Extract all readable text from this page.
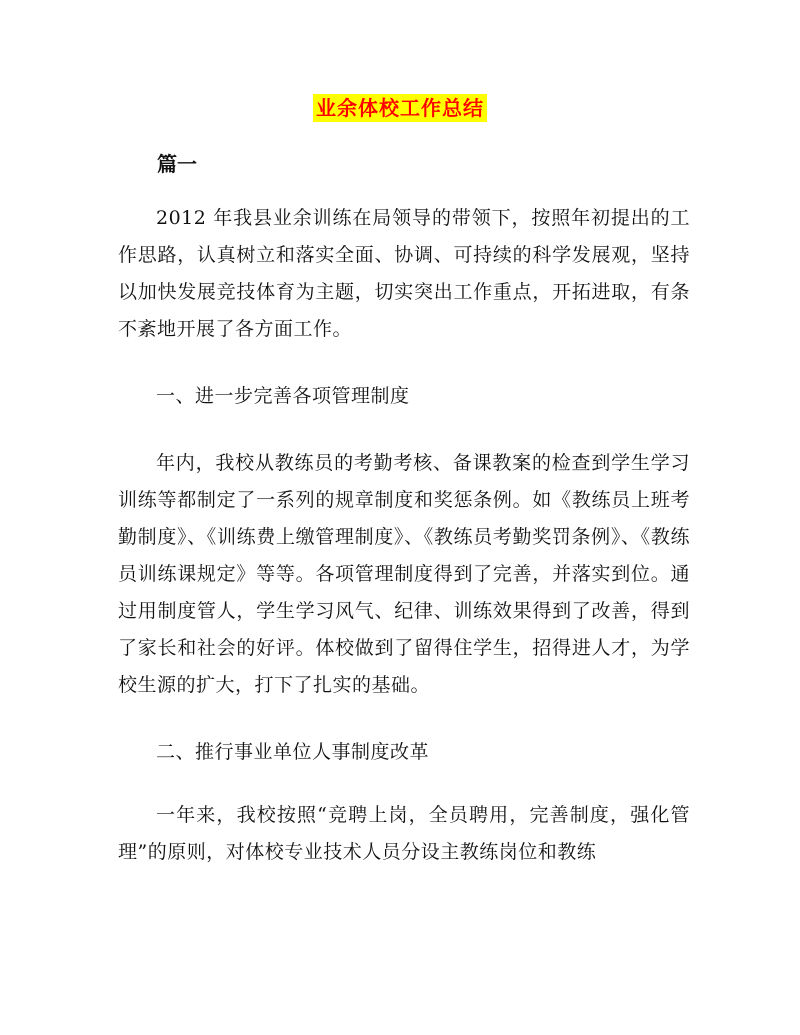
业余体校工作总结
篇一

2012 年我县业余训练在局领导的带领下，按照年初提出的工作思路，认真树立和落实全面、协调、可持续的科学发展观，坚持以加快发展竞技体育为主题，切实突出工作重点，开拓进取，有条不紊地开展了各方面工作。

一、进一步完善各项管理制度

年内，我校从教练员的考勤考核、备课教案的检查到学生学习训练等都制定了一系列的规章制度和奖惩条例。如《教练员上班考勤制度》、《训练费上缴管理制度》、《教练员考勤奖罚条例》、《教练员训练课规定》等等。各项管理制度得到了完善，并落实到位。通过用制度管人，学生学习风气、纪律、训练效果得到了改善，得到了家长和社会的好评。体校做到了留得住学生，招得进人才，为学校生源的扩大，打下了扎实的基础。

二、推行事业单位人事制度改革

一年来，我校按照“竞聘上岗，全员聘用，完善制度，强化管理”的原则，对体校专业技术人员分设主教练岗位和教练
